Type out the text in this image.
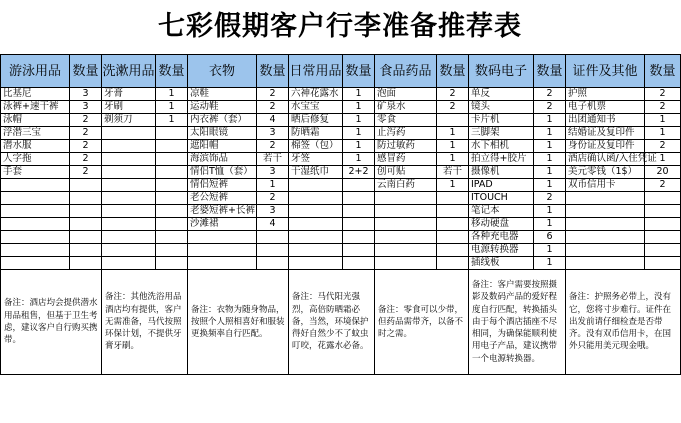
七彩假期客户行李准备推荐表
游泳用品	数量	洗漱用品	数量	衣物	数量	日常用品	数量	食品药品	数量	数码电子	数量	证件及其他	数量
比基尼	3	牙膏	1	凉鞋	2	六神花露水	1	泡面	2	单反	2	护照	2
泳裤+速干裤	3	牙刷	1	运动鞋	2	水宝宝	1	矿泉水	2	镜头	2	电子机票	2
泳帽	2	剃须刀	1	内衣裤（套）	4	晒后修复	1	零食		卡片机	1	出团通知书	1
浮潜三宝	2			太阳眼镜	3	防晒霜	1	止泻药	1	三脚架	1	结婚证及复印件	1
潜水服	2			遮阳帽	2	棉签（包）	1	防过敏药	1	水下相机	1	身份证及复印件	2
人字拖	2			海滨饰品	若干	牙签	1	感冒药	1	拍立得+胶片	1	酒店确认函/入住凭证	1
手套	2			情侣T恤（套）	3	干湿纸巾	2+2	创可贴	若干	摄像机	1	美元零钱（1$）	20
				情侣短裤	1			云南白药	1	IPAD	1	双币信用卡	2
				老公短裤	2					ITOUCH	2		
				老婆短裤+长裤	3					笔记本	1		
				沙滩裙	4					移动硬盘	1		
										各种充电器	6		
										电源转换器	1		
										插线板	1		
备注：酒店均会提供潜水用品租售，但基于卫生考虑，建议客户自行购买携带。		备注：其他洗浴用品酒店均有提供，客户无需准备，马代按照环保计划，不提供牙膏牙刷。		备注：衣物为随身物品，按照个人照相喜好和服装更换频率自行匹配。		备注：马代阳光强烈，高倍防晒霜必备，当然，环境保护得好自然少不了蚊虫叮咬，花露水必备。		备注：零食可以少带，但药品需带齐，以备不时之需。		备注：客户需要按照摄影及数码产品的爱好程度自行匹配，转换插头由于每个酒店插座不尽相同，为确保能顺利使用电子产品，建议携带一个电源转换器。		备注：护照务必带上，没有它，您将寸步难行。证件在出发前请仔细检查是否带齐。没有双币信用卡，在国外只能用美元现金哦。	
